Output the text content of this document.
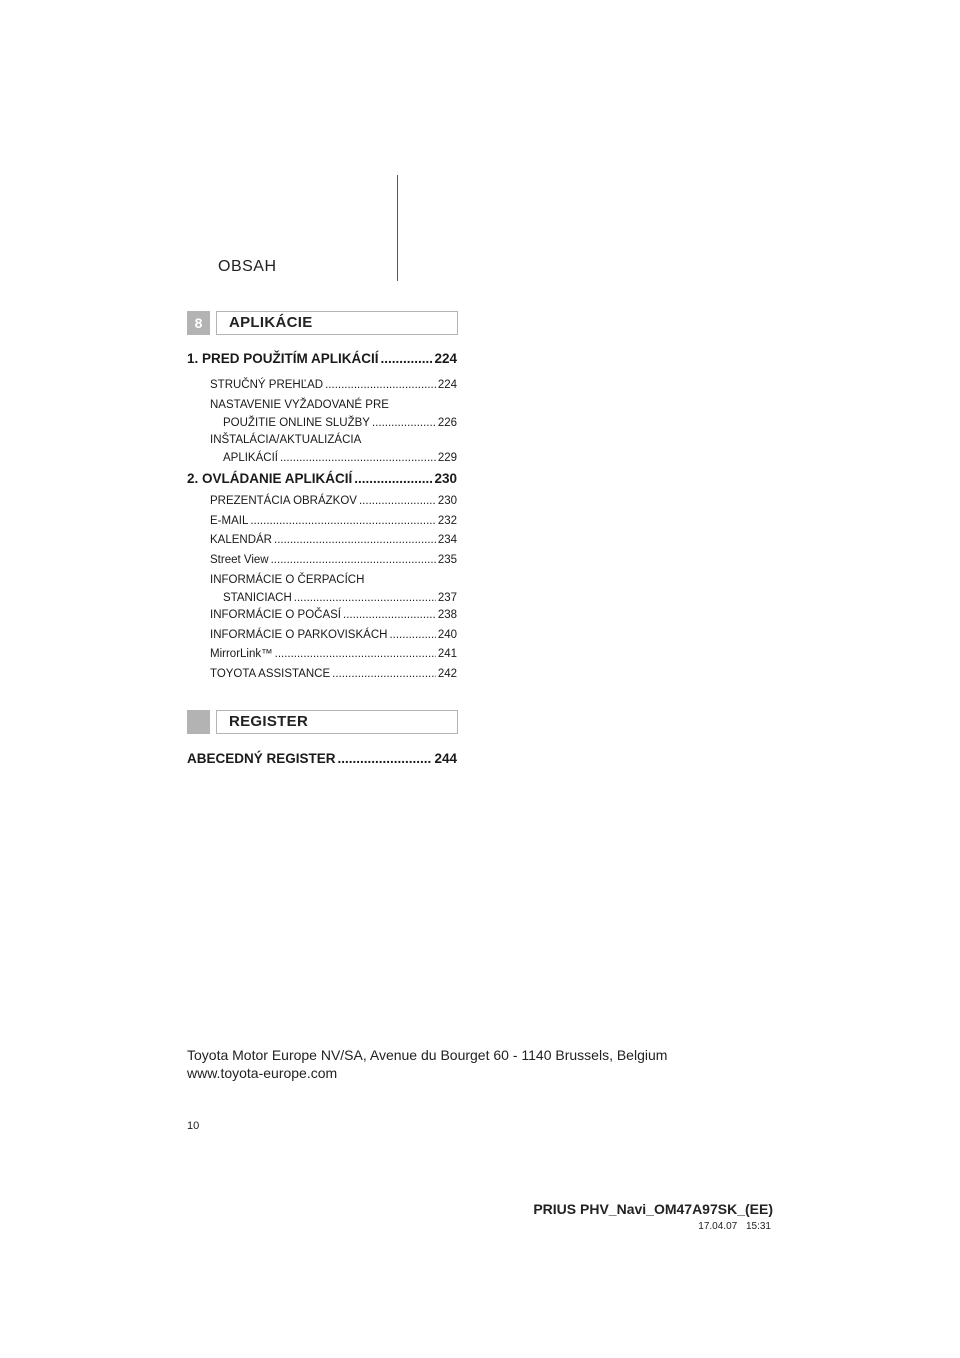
OBSAH
8	APLIKÁCIE
1. PRED POUŽITÍM APLIKÁCIÍ .....	224
STRUČNÝ PREHĽAD .....	224
NASTAVENIE VYŽADOVANÉ PRE
POUŽITIE ONLINE SLUŽBY .....	226
INŠTALÁCIA/AKTUALIZÁCIA
APLIKÁCIÍ .....	229
2. OVLÁDANIE APLIKÁCIÍ .....	230
PREZENTÁCIA OBRÁZKOV .....	230
E-MAIL .....	232
KALENDÁR .....	234
Street View .....	235
INFORMÁCIE O ČERPACÍCH
STANICIACH .....	237
INFORMÁCIE O POČASÍ .....	238
INFORMÁCIE O PARKOVISKÁCH .....	240
MirrorLink™ .....	241
TOYOTA ASSISTANCE .....	242
REGISTER
ABECEDNÝ REGISTER .....	244
Toyota Motor Europe NV/SA, Avenue du Bourget 60 - 1140 Brussels, Belgium
www.toyota-europe.com
10
PRIUS PHV_Navi_OM47A97SK_(EE)
17.04.07 15:31
